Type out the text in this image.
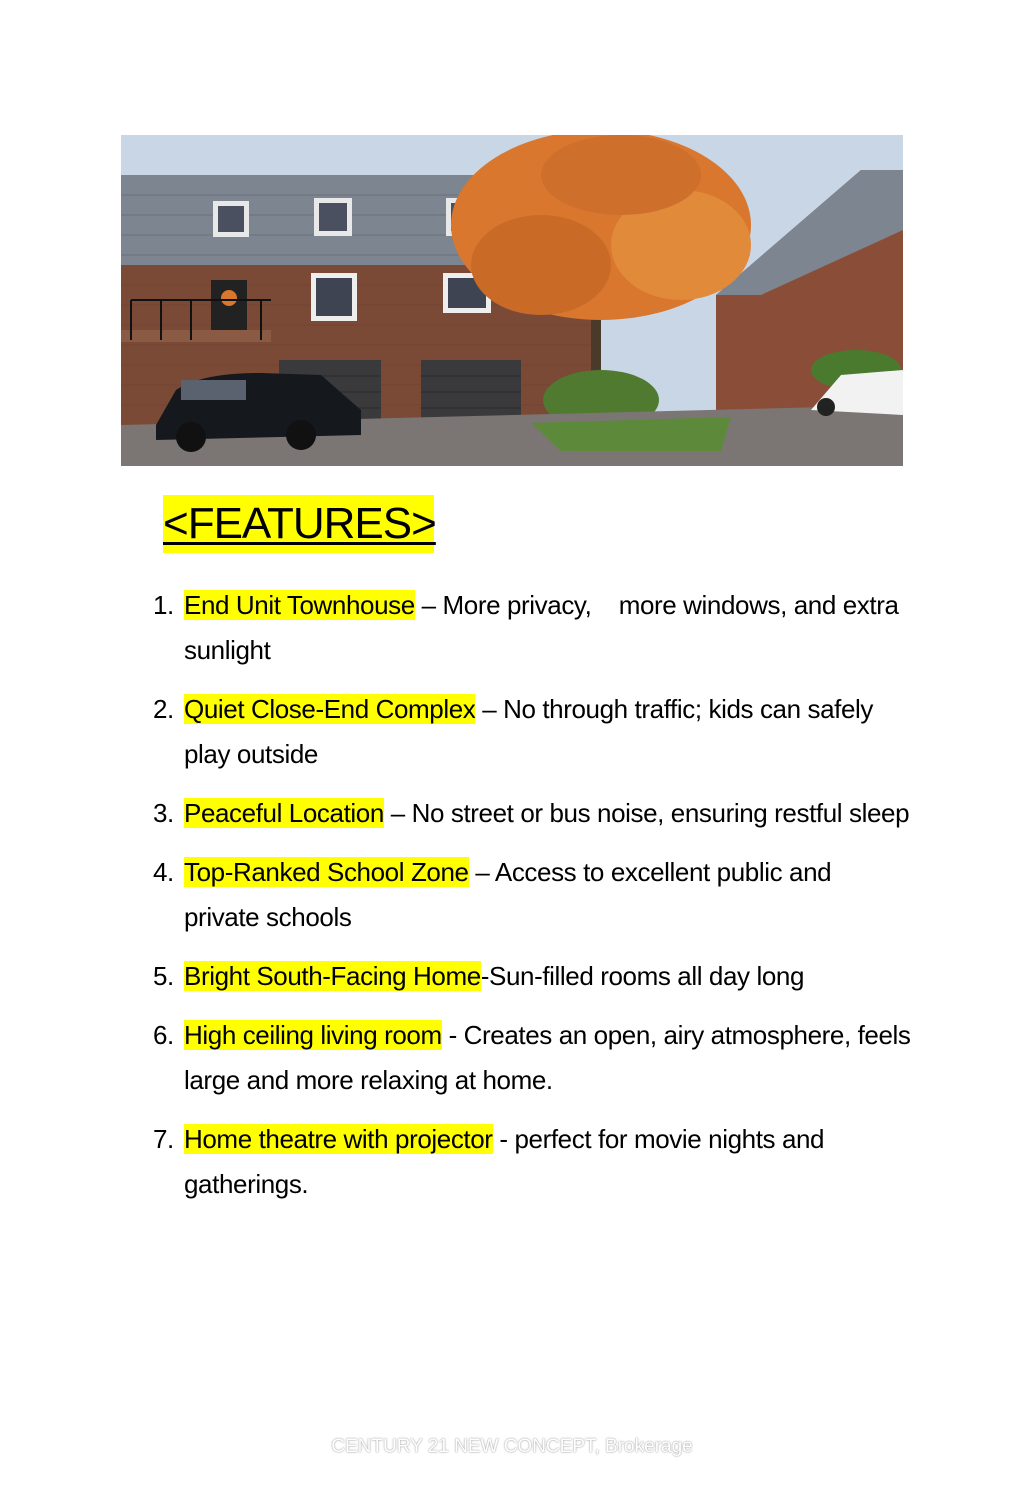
<FEATURES>
1. End Unit Townhouse – More privacy,    more windows, and extra sunlight
2. Quiet Close-End Complex – No through traffic; kids can safely play outside
3. Peaceful Location – No street or bus noise, ensuring restful sleep
4. Top-Ranked School Zone – Access to excellent public and private schools
5. Bright South-Facing Home-Sun-filled rooms all day long
6. High ceiling living room - Creates an open, airy atmosphere, feels large and more relaxing at home.
7. Home theatre with projector - perfect for movie nights and gatherings.
CENTURY 21 NEW CONCEPT, Brokerage
